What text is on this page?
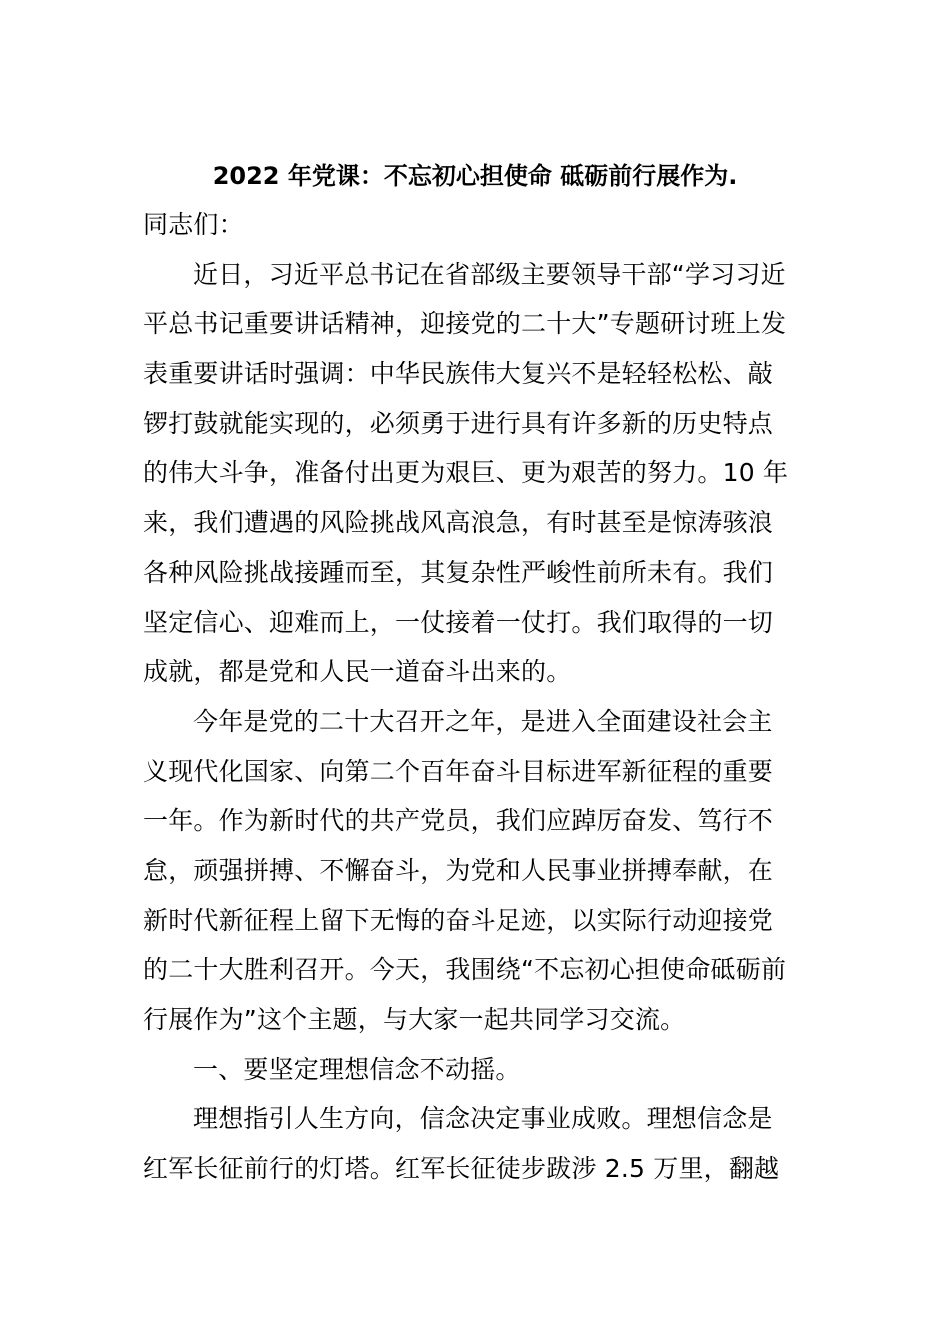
2022 年党课：不忘初心担使命 砥砺前行展作为.
同志们：
近日，习近平总书记在省部级主要领导干部“学习习近
平总书记重要讲话精神，迎接党的二十大”专题研讨班上发
表重要讲话时强调：中华民族伟大复兴不是轻轻松松、敲
锣打鼓就能实现的，必须勇于进行具有许多新的历史特点
的伟大斗争，准备付出更为艰巨、更为艰苦的努力。10 年
来，我们遭遇的风险挑战风高浪急，有时甚至是惊涛骇浪
各种风险挑战接踵而至，其复杂性严峻性前所未有。我们
坚定信心、迎难而上，一仗接着一仗打。我们取得的一切
成就，都是党和人民一道奋斗出来的。
今年是党的二十大召开之年，是进入全面建设社会主
义现代化国家、向第二个百年奋斗目标进军新征程的重要
一年。作为新时代的共产党员，我们应踔厉奋发、笃行不
怠，顽强拼搏、不懈奋斗，为党和人民事业拼搏奉献，在
新时代新征程上留下无悔的奋斗足迹，以实际行动迎接党
的二十大胜利召开。今天，我围绕“不忘初心担使命砥砺前
行展作为”这个主题，与大家一起共同学习交流。
一、要坚定理想信念不动摇。
理想指引人生方向，信念决定事业成败。理想信念是
红军长征前行的灯塔。红军长征徒步跋涉 2.5 万里，翻越
